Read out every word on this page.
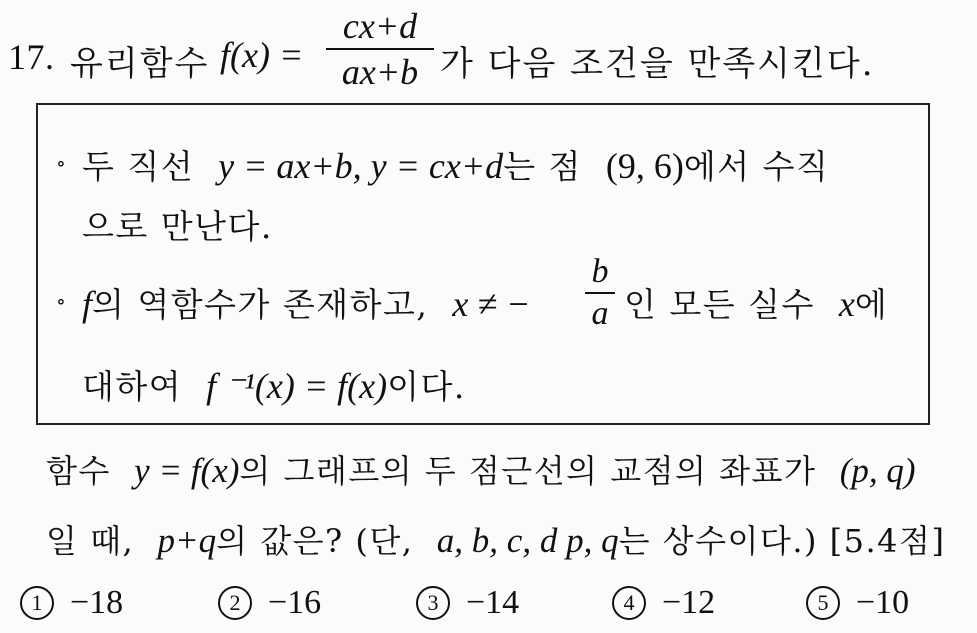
17. 유리함수 f(x) =
cx+d
ax+b 가 다음 조건을 만족시킨다.
∘ 두 직선 y = ax+b, y = cx+d는 점 (9, 6)에서 수직
으로 만난다.
∘ f의 역함수가 존재하고, x ≠ −
b
a 인 모든 실수 x에
대하여 f ⁻¹(x) = f(x)이다.
함수 y = f(x)의 그래프의 두 점근선의 교점의 좌표가 (p, q)
일 때, p+q의 값은? (단, a, b, c, d p, q는 상수이다.) [5.4점]
1 −18	2 −16	3 −14	4 −12	5 −10
